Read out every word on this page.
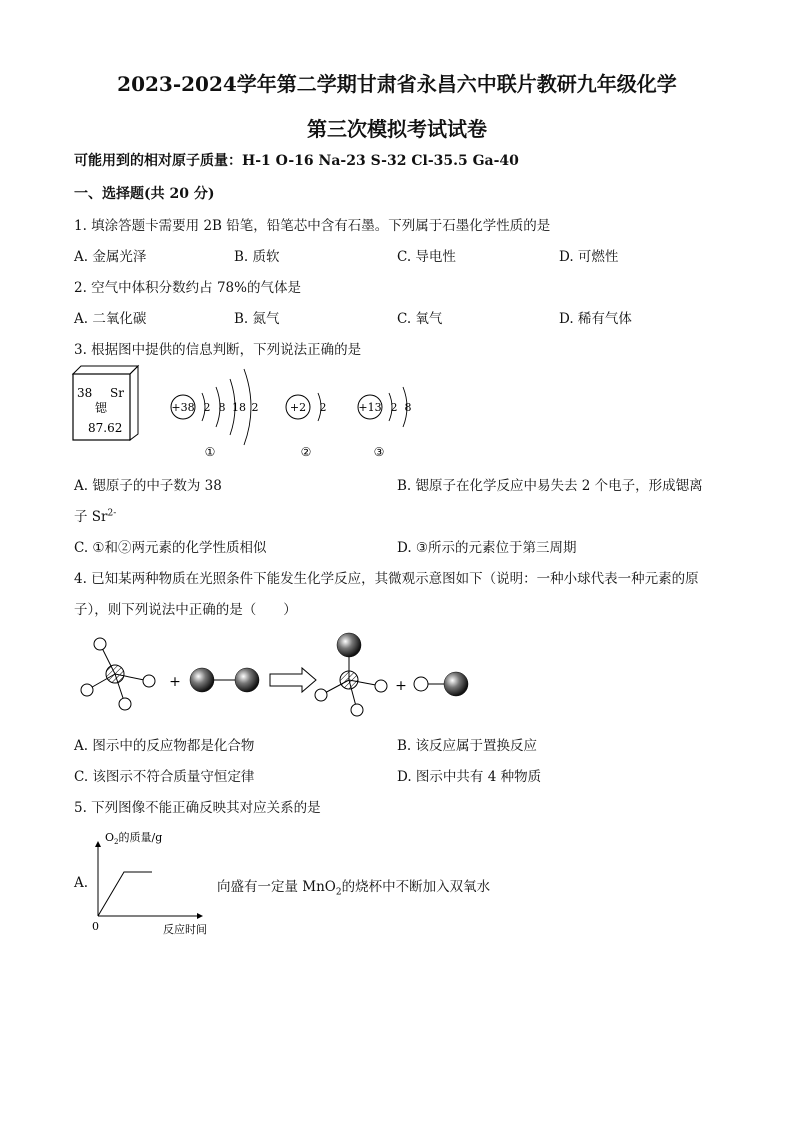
2023-2024学年第二学期甘肃省永昌六中联片教研九年级化学
第三次模拟考试试卷
可能用到的相对原子质量：H-1 O-16 Na-23 S-32 Cl-35.5 Ga-40
一、选择题(共 20 分)
1. 填涂答题卡需要用 2B 铅笔，铅笔芯中含有石墨。下列属于石墨化学性质的是
A. 金属光泽	B. 质软	C. 导电性	D. 可燃性
2. 空气中体积分数约占 78%的气体是
A. 二氧化碳	B. 氮气	C. 氧气	D. 稀有气体
3. 根据图中提供的信息判断，下列说法正确的是
38 Sr
锶
87.62
+38 2 8 18 2
①
+2 2
②
+13 2 8
③
A. 锶原子的中子数为 38	B. 锶原子在化学反应中易失去 2 个电子，形成锶离
子 $Sr^{2-}$
C. ①和②两元素的化学性质相似	D. ③所示的元素位于第三周期
4. 已知某两种物质在光照条件下能发生化学反应，其微观示意图如下（说明：一种小球代表一种元素的原
子），则下列说法中正确的是（　　）
+	+
A. 图示中的反应物都是化合物	B. 该反应属于置换反应
C. 该图示不符合质量守恒定律	D. 图示中共有 4 种物质
5. 下列图像不能正确反映其对应关系的是
A.
$O_2$的质量/g
0	反应时间
向盛有一定量 MnO$_2$的烧杯中不断加入双氧水
